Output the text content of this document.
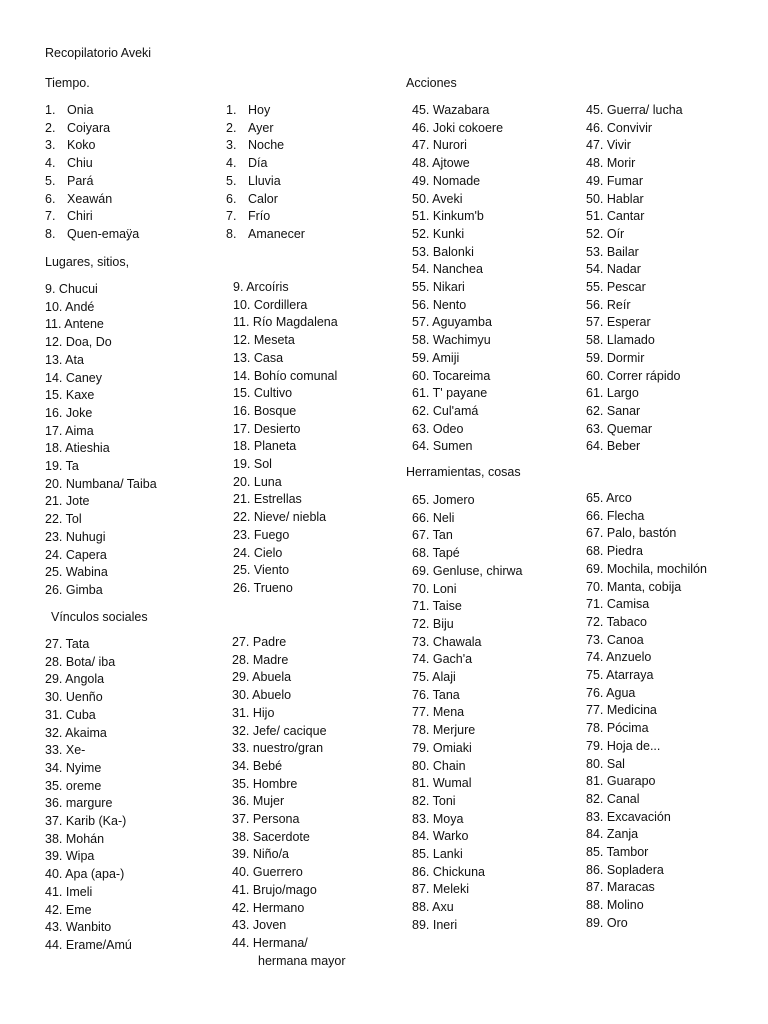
Recopilatorio Aveki
Tiempo.
1. Onia
2. Coiyara
3. Koko
4. Chiu
5. Pará
6. Xeawán
7. Chiri
8. Quen-emaÿa
1. Hoy
2. Ayer
3. Noche
4. Día
5. Lluvia
6. Calor
7. Frío
8. Amanecer
Lugares, sitios,
9. Chucui
10. Andé
11. Antene
12. Doa, Do
13. Ata
14. Caney
15. Kaxe
16. Joke
17. Aima
18. Atieshia
19. Ta
20. Numbana/ Taiba
21. Jote
22. Tol
23. Nuhugi
24. Capera
25. Wabina
26. Gimba
9. Arcoíris
10. Cordillera
11. Río Magdalena
12. Meseta
13. Casa
14. Bohío comunal
15. Cultivo
16. Bosque
17. Desierto
18. Planeta
19. Sol
20. Luna
21. Estrellas
22. Nieve/ niebla
23. Fuego
24. Cielo
25. Viento
26. Trueno
Vínculos sociales
27. Tata
28. Bota/ iba
29. Angola
30. Uenño
31. Cuba
32. Akaima
33. Xe-
34. Nyime
35. oreme
36. margure
37. Karib (Ka-)
38. Mohán
39. Wipa
40. Apa (apa-)
41. Imeli
42. Eme
43. Wanbito
44. Erame/Amú
27. Padre
28. Madre
29. Abuela
30. Abuelo
31. Hijo
32. Jefe/ cacique
33. nuestro/gran
34. Bebé
35. Hombre
36. Mujer
37. Persona
38. Sacerdote
39. Niño/a
40. Guerrero
41. Brujo/mago
42. Hermano
43. Joven
44. Hermana/
hermana mayor
Acciones
45. Wazabara
46. Joki cokoere
47. Nurori
48. Ajtowe
49. Nomade
50. Aveki
51. Kinkum'b
52. Kunki
53. Balonki
54. Nanchea
55. Nikari
56. Nento
57. Aguyamba
58. Wachimyu
59. Amiji
60. Tocareima
61. T' payane
62. Cul'amá
63. Odeo
64. Sumen
45. Guerra/ lucha
46. Convivir
47. Vivir
48. Morir
49. Fumar
50. Hablar
51. Cantar
52. Oír
53. Bailar
54. Nadar
55. Pescar
56. Reír
57. Esperar
58. Llamado
59. Dormir
60. Correr rápido
61. Largo
62. Sanar
63. Quemar
64. Beber
Herramientas, cosas
65. Jomero
66. Neli
67. Tan
68. Tapé
69. Genluse, chirwa
70. Loni
71. Taise
72. Biju
73. Chawala
74. Gach'a
75. Alaji
76. Tana
77. Mena
78. Merjure
79. Omiaki
80. Chain
81. Wumal
82. Toni
83. Moya
84. Warko
85. Lanki
86. Chickuna
87. Meleki
88. Axu
89. Ineri
65. Arco
66. Flecha
67. Palo, bastón
68. Piedra
69. Mochila, mochilón
70. Manta, cobija
71. Camisa
72. Tabaco
73. Canoa
74. Anzuelo
75. Atarraya
76. Agua
77. Medicina
78. Pócima
79. Hoja de...
80. Sal
81. Guarapo
82. Canal
83. Excavación
84. Zanja
85. Tambor
86. Sopladera
87. Maracas
88. Molino
89. Oro
